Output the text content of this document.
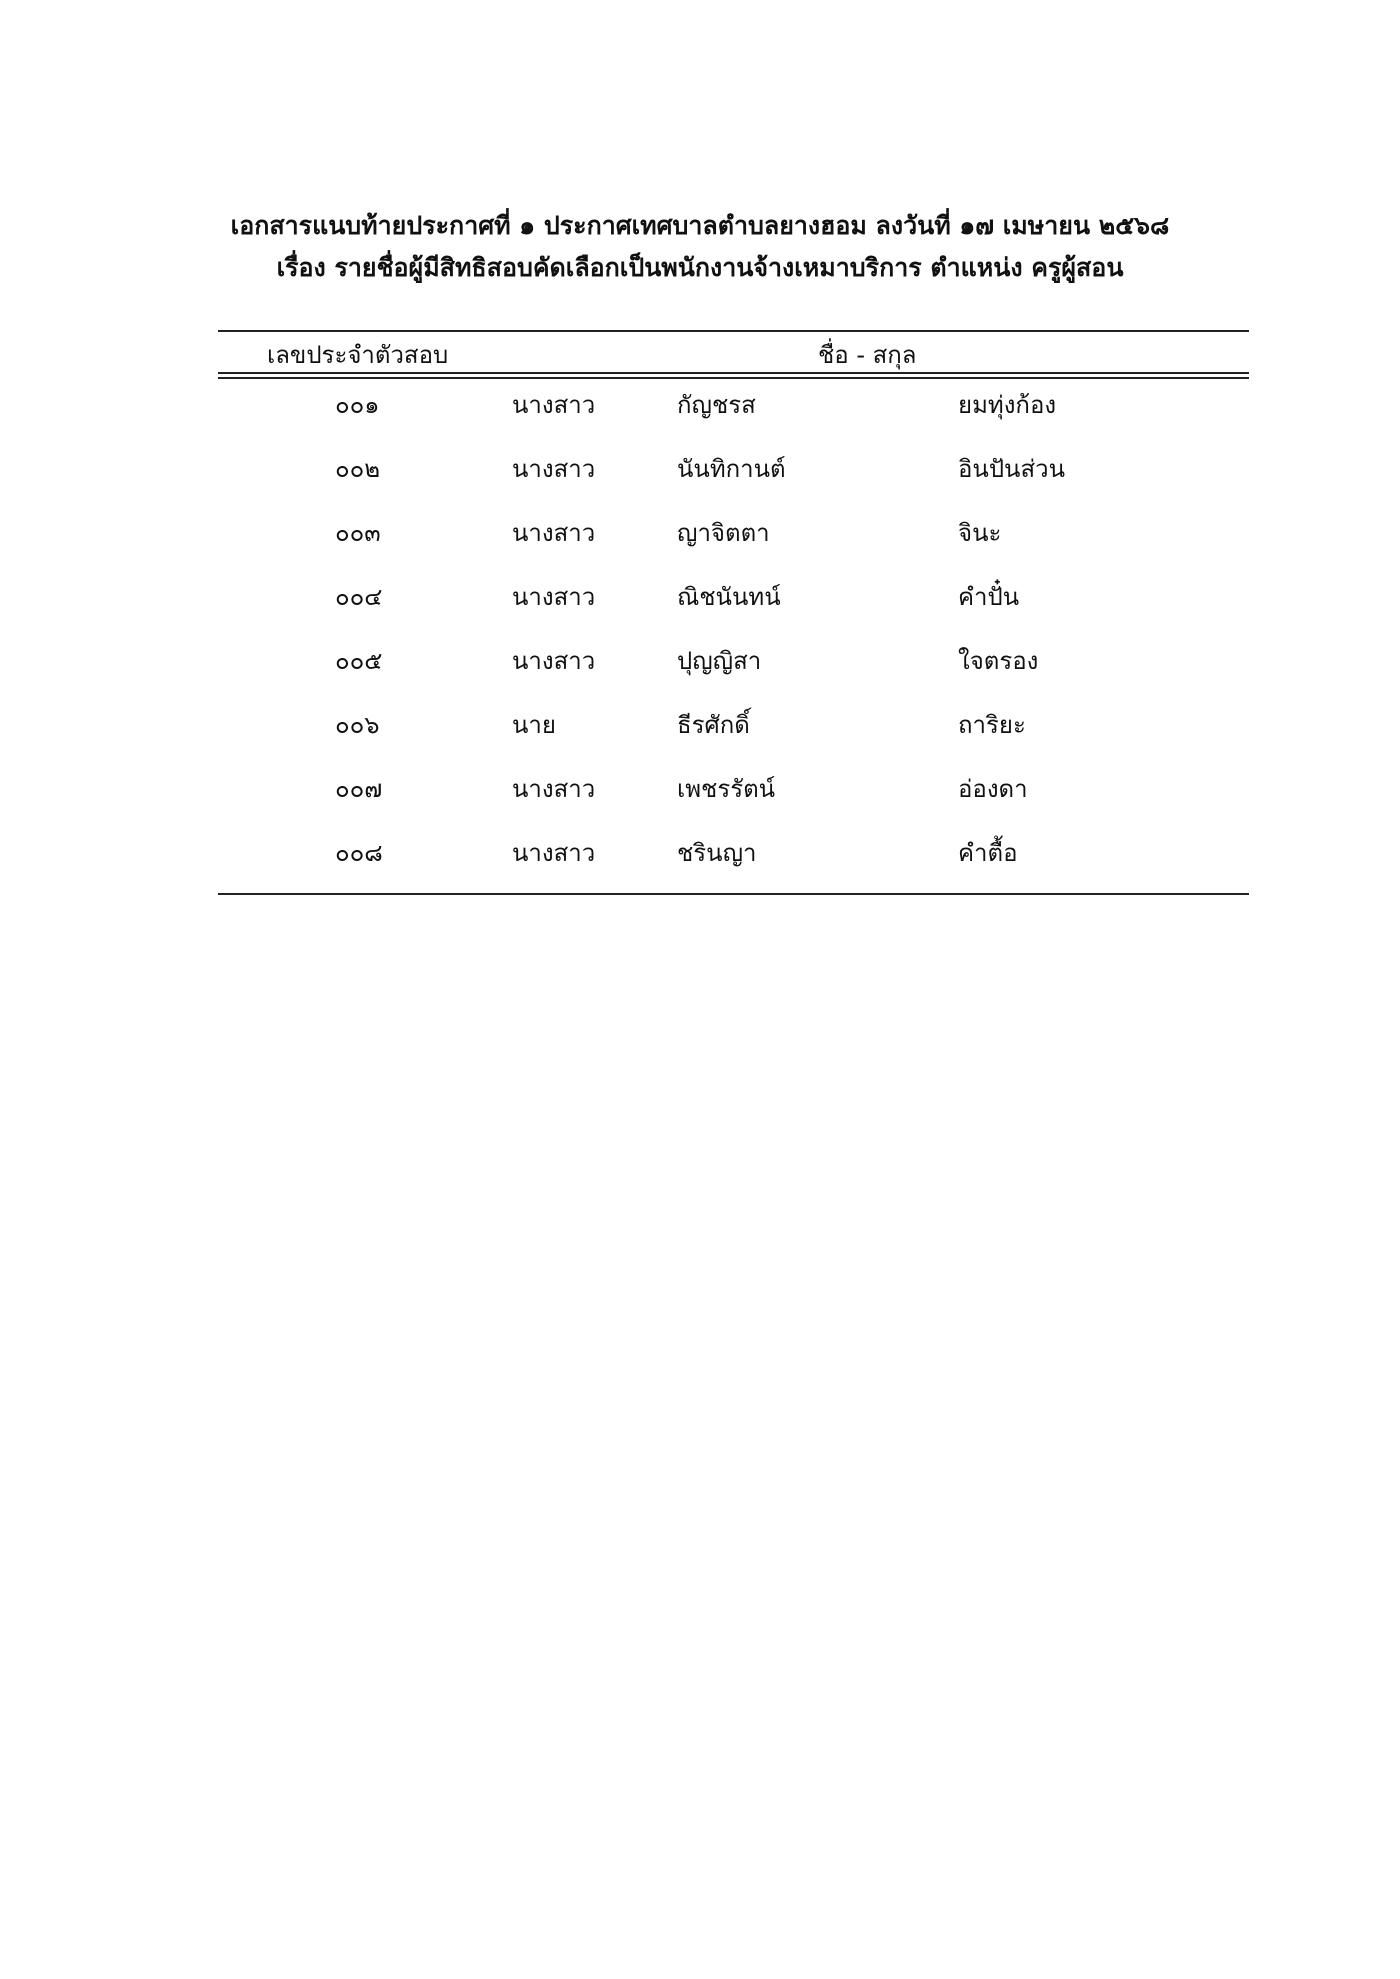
เอกสารแนบท้ายประกาศที่ ๑ ประกาศเทศบาลตำบลยางฮอม ลงวันที่ ๑๗ เมษายน ๒๕๖๘
เรื่อง รายชื่อผู้มีสิทธิสอบคัดเลือกเป็นพนักงานจ้างเหมาบริการ ตำแหน่ง ครูผู้สอน
เลขประจำตัวสอบ	ชื่อ - สกุล
๐๐๑	นางสาว	กัญชรส	ยมทุ่งก้อง
๐๐๒	นางสาว	นันทิกานต์	อินปันส่วน
๐๐๓	นางสาว	ญาจิตตา	จินะ
๐๐๔	นางสาว	ณิชนันทน์	คำปั๋น
๐๐๕	นางสาว	ปุญญิสา	ใจตรอง
๐๐๖	นาย	ธีรศักดิ์	ถาริยะ
๐๐๗	นางสาว	เพชรรัตน์	อ่องดา
๐๐๘	นางสาว	ชรินญา	คำตื้อ
